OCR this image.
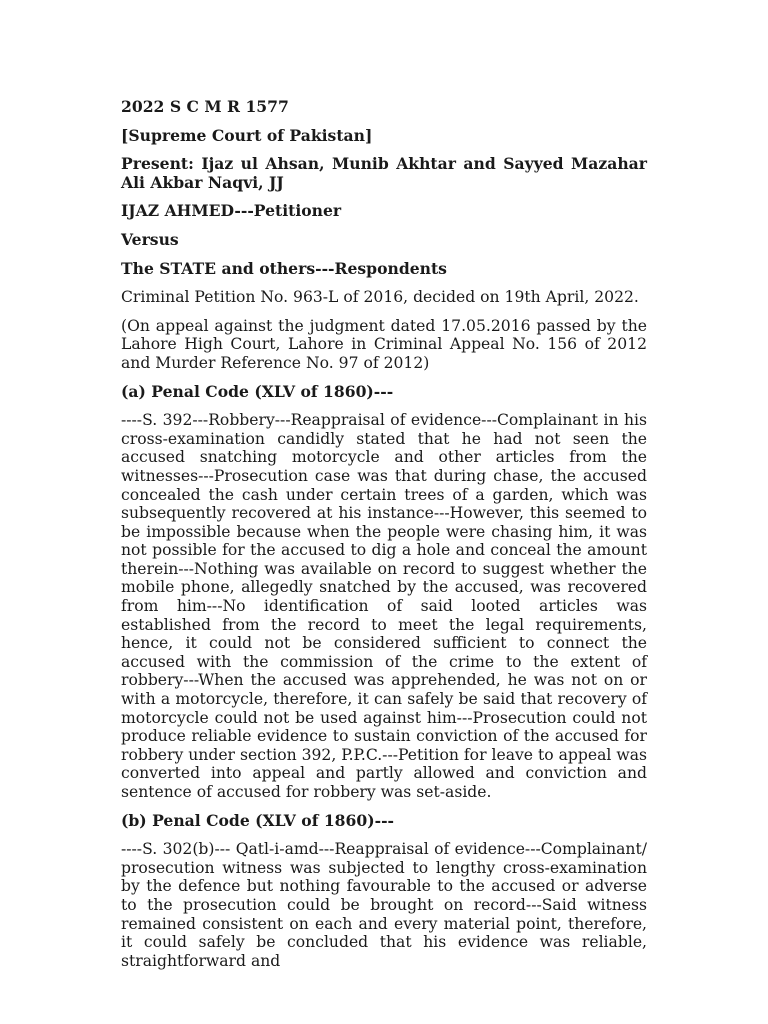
2022 S C M R 1577

[Supreme Court of Pakistan]

Present: Ijaz ul Ahsan, Munib Akhtar and Sayyed Mazahar Ali Akbar Naqvi, JJ

IJAZ AHMED---Petitioner

Versus

The STATE and others---Respondents

Criminal Petition No. 963-L of 2016, decided on 19th April, 2022.

(On appeal against the judgment dated 17.05.2016 passed by the Lahore High Court, Lahore in Criminal Appeal No. 156 of 2012 and Murder Reference No. 97 of 2012)

(a) Penal Code (XLV of 1860)---

----S. 392---Robbery---Reappraisal of evidence---Complainant in his cross-examination candidly stated that he had not seen the accused snatching motorcycle and other articles from the witnesses---Prosecution case was that during chase, the accused concealed the cash under certain trees of a garden, which was subsequently recovered at his instance---However, this seemed to be impossible because when the people were chasing him, it was not possible for the accused to dig a hole and conceal the amount therein---Nothing was available on record to suggest whether the mobile phone, allegedly snatched by the accused, was recovered from him---No identification of said looted articles was established from the record to meet the legal requirements, hence, it could not be considered sufficient to connect the accused with the commission of the crime to the extent of robbery---When the accused was apprehended, he was not on or with a motorcycle, therefore, it can safely be said that recovery of motorcycle could not be used against him---Prosecution could not produce reliable evidence to sustain conviction of the accused for robbery under section 392, P.P.C.---Petition for leave to appeal was converted into appeal and partly allowed and conviction and sentence of accused for robbery was set-aside.

(b) Penal Code (XLV of 1860)---

----S. 302(b)--- Qatl-i-amd---Reappraisal of evidence---Complainant/ prosecution witness was subjected to lengthy cross-examination by the defence but nothing favourable to the accused or adverse to the prosecution could be brought on record---Said witness remained consistent on each and every material point, therefore, it could safely be concluded that his evidence was reliable, straightforward and
